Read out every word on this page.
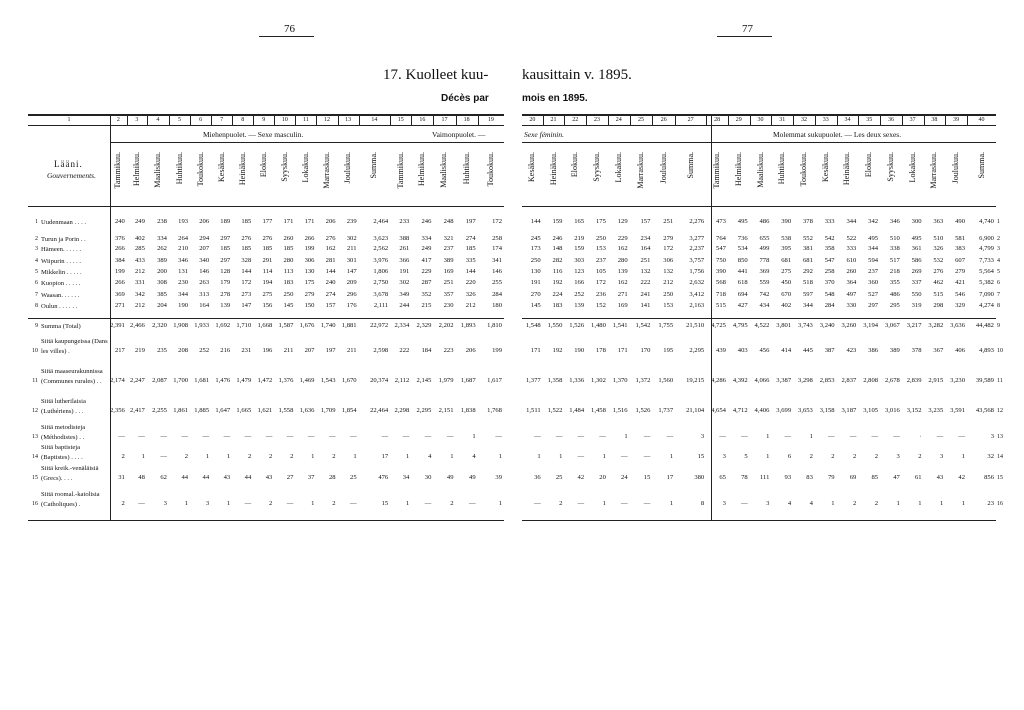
76	77
17. Kuolleet kuu- kausittain v. 1895.
Décès par	mois en 1895.
Miehenpuolet. — Sexe masculin.	Vaimonpuolet. —	Sexe féminin.	Molemmat sukupuolet. — Les deux sexes.
Lääni.
Gouvernements.
1	2	3	4	5	6	7	8	9	10	11	12	13	14	15	16	17	18	19	20	21	22	23	24	25	26	27	28	29	30	31	32	33	34	35	36	37	38	39	40
Tammikuu. Helmikuu. Maaliskuu. Huhtikuu. Toukokuu. Kesäkuu. Heinäkuu. Elokuu. Syyskuu. Lokakuu. Marraskuu. Joulukuu. Summa. Tammikuu. Helmikuu. Maaliskuu. Huhtikuu. Toukokuu.	Kesäkuu. Heinäkuu. Elokuu. Syyskuu. Lokakuu. Marraskuu. Joulukuu. Summa. Tammikuu. Helmikuu. Maaliskuu. Huhtikuu. Toukokuu. Kesäkuu. Heinäkuu. Elokuu. Syyskuu. Lokakuu. Marraskuu. Joulukuu. Summa.
1 Uudenmaan . . . .	240	249	238	193	206	189	185	177	171	171	206	239	2,464	233	246	248	197	172
2 Turun ja Porin . .	376	402	334	264	294	297	276	276	260	266	276	302	3,623	388	334	321	274	258
3 Hämeen. . . . . .	266	285	262	210	207	185	185	185	185	199	162	211	2,562	261	249	237	185	174
4 Wiipurin . . . . .	384	433	389	346	340	297	328	291	280	306	281	301	3,976	366	417	389	335	341
5 Mikkelin . . . . .	199	212	200	131	146	128	144	114	113	130	144	147	1,806	191	229	169	144	146
6 Kuopion . . . . .	266	331	308	230	263	179	172	194	183	175	240	209	2,750	302	287	251	220	255
7 Waasan. . . . . .	369	342	385	344	313	278	273	275	250	279	274	296	3,678	349	352	357	326	284
8 Oulun . . . . . .	271	212	204	190	164	139	147	156	145	150	157	176	2,111	244	215	230	212	180
9 Summa (Total)	2,391 2,466	2,320 1,908 1,933 1,692 1,710 1,668 1,587 1,676 1,740 1,881	22,972 2,334	2,329	2,202	1,893	1,810
10
Siitä kaupungeissa (Dans les villes) .	217	219	235	208	252	216	231	196	211	207	197	211	2,598	222	184	223	206	199
11
Siitä maaseurakunnissa (Communes rurales) . .	2,174 2,247	2,087 1,700 1,681 1,476 1,479 1,472 1,376 1,469 1,543 1,670	20,374 2,112	2,145	1,979	1,687	1,617
12
Siitä lutherilaisia (Luthériens) . . .	2,356 2,417	2,255 1,861 1,885 1,647 1,665 1,621 1,558 1,636 1,709 1,854	22,464 2,298	2,295	2,151	1,838	1,768
13
Siitä metodisteja (Méthodistes) . .	—	—	—	—	—	—	—	—	—	—	—	—	—	—	—	—	1	—
14
Siitä baptisteja (Baptistes) . . . .	2	1	—	2	1	1	2	2	2	1	2	1	17	1	4	1	4	1
15
Siitä kreik.-venäläisiä (Grecs). . . .	31	48	62	44	44	43	44	43	27	37	28	25	476	34	30	49	49	39
16
Siitä roomal.-katolisia (Catholiques) .	2	—	3	1	3	1	—	2	—	1	2	—	15	1	—	2	—	1
144	159	165	175	129	157	251	2,276	473	495	486	390	378	333	344	342	346	300	363	490	4,740 1
245	246	219	250	229	234	279	3,277	764	736	655	538	552	542	522	495	510	495	510	581	6,900 2
173	148	159	153	162	164	172	2,237	547	534	499	395	381	358	333	344	338	361	326	383	4,799 3
250	282	303	237	280	251	306	3,757	750	850	778	681	681	547	610	594	517	586	532	607	7,733 4
130	116	123	105	139	132	132	1,756	390	441	369	275	292	258	260	237	218	269	276	279	5,564 5
191	192	166	172	162	222	212	2,632	568	618	559	450	518	370	364	360	355	337	462	421	5,382 6
270	224	252	236	271	241	250	3,412	718	694	742	670	597	548	497	527	486	550	515	546	7,090 7
145	183	139	152	169	141	153	2,163	515	427	434	402	344	284	330	297	295	319	298	329	4,274 8
1,548	1,550	1,526	1,480	1,541	1,542	1,755	21,510	4,725	4,795	4,522	3,801	3,743	3,240	3,260	3,194	3,067	3,217	3,282	3,636	44,482 9
171	192	190	178	171	170	195	2,295	439	403	456	414	445	387	423	386	389	378	367	406	4,893 10
1,377	1,358	1,336	1,302	1,370	1,372	1,560	19,215	4,286	4,392	4,066	3,387	3,298	2,853	2,837	2,808	2,678	2,839	2,915	3,230	39,589 11
1,511	1,522	1,484	1,458	1,516	1,526	1,737	21,104	4,654	4,712	4,406	3,699	3,653	3,158	3,187	3,105	3,016	3,152	3,235	3,591	43,568 12
—	—	—	—	1	—	—	3	—	—	1	—	1	—	—	—	—	·	—	—	3 13
1	1	—	1	—	—	1	15	3	5	1	6	2	2	2	2	3	2	3	1	32 14
36	25	42	20	24	15	17	380	65	78	111	93	83	79	69	85	47	61	43	42	856 15
—	2	—	1	—	—	1	8	3	—	3	4	4	1	2	2	1	1	1	1	23 16
